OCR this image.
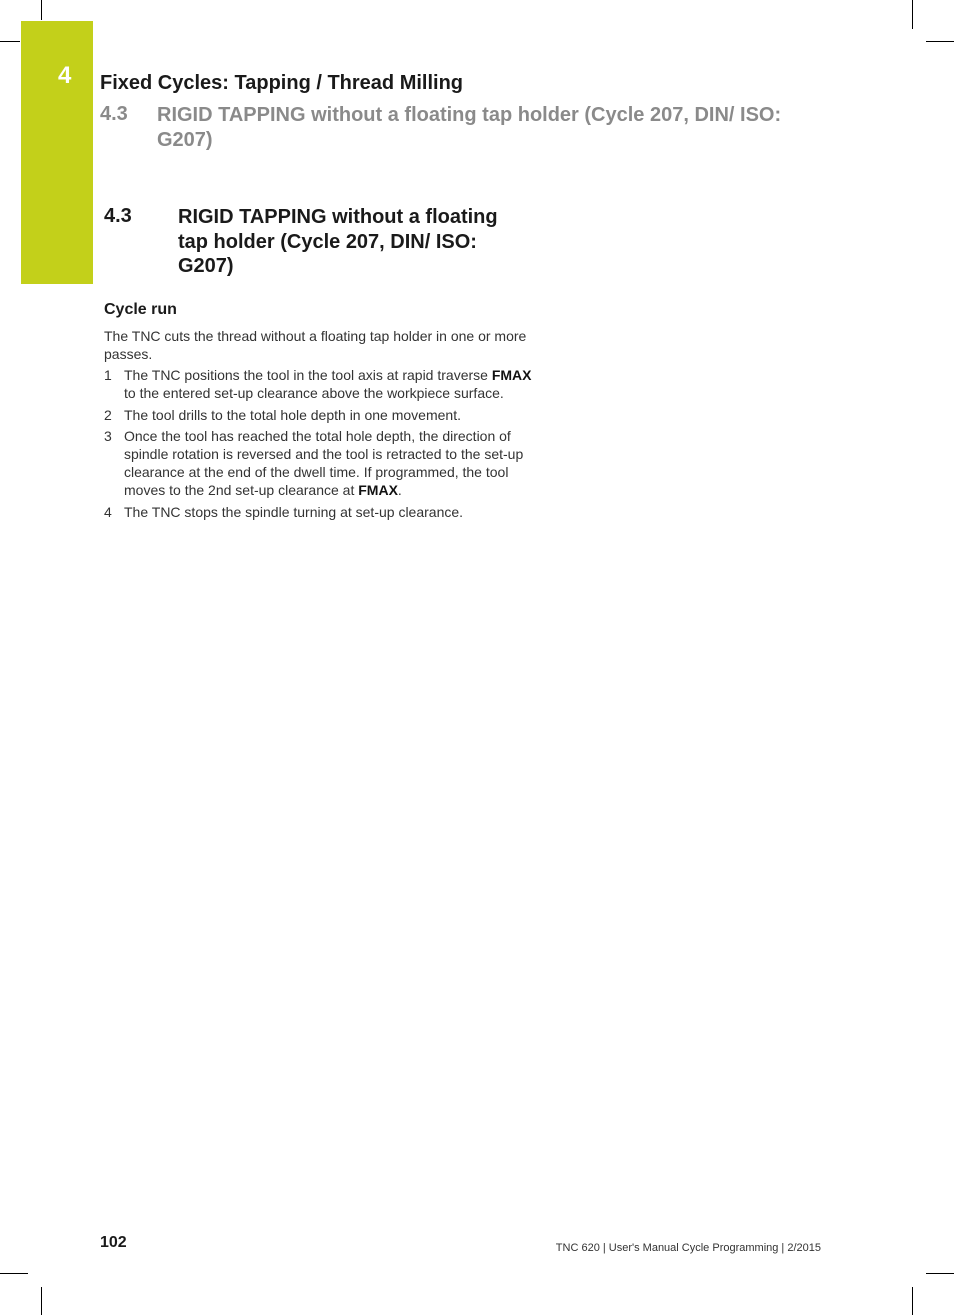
4	Fixed Cycles: Tapping / Thread Milling
4.3 RIGID TAPPING without a floating tap holder (Cycle 207, DIN/ ISO: G207)
4.3 RIGID TAPPING without a floating tap holder (Cycle 207, DIN/ ISO: G207)
Cycle run
The TNC cuts the thread without a floating tap holder in one or more passes.
1 The TNC positions the tool in the tool axis at rapid traverse FMAX to the entered set-up clearance above the workpiece surface.
2 The tool drills to the total hole depth in one movement.
3 Once the tool has reached the total hole depth, the direction of spindle rotation is reversed and the tool is retracted to the set-up clearance at the end of the dwell time. If programmed, the tool moves to the 2nd set-up clearance at FMAX.
4 The TNC stops the spindle turning at set-up clearance.
102	TNC 620 | User's Manual Cycle Programming | 2/2015
